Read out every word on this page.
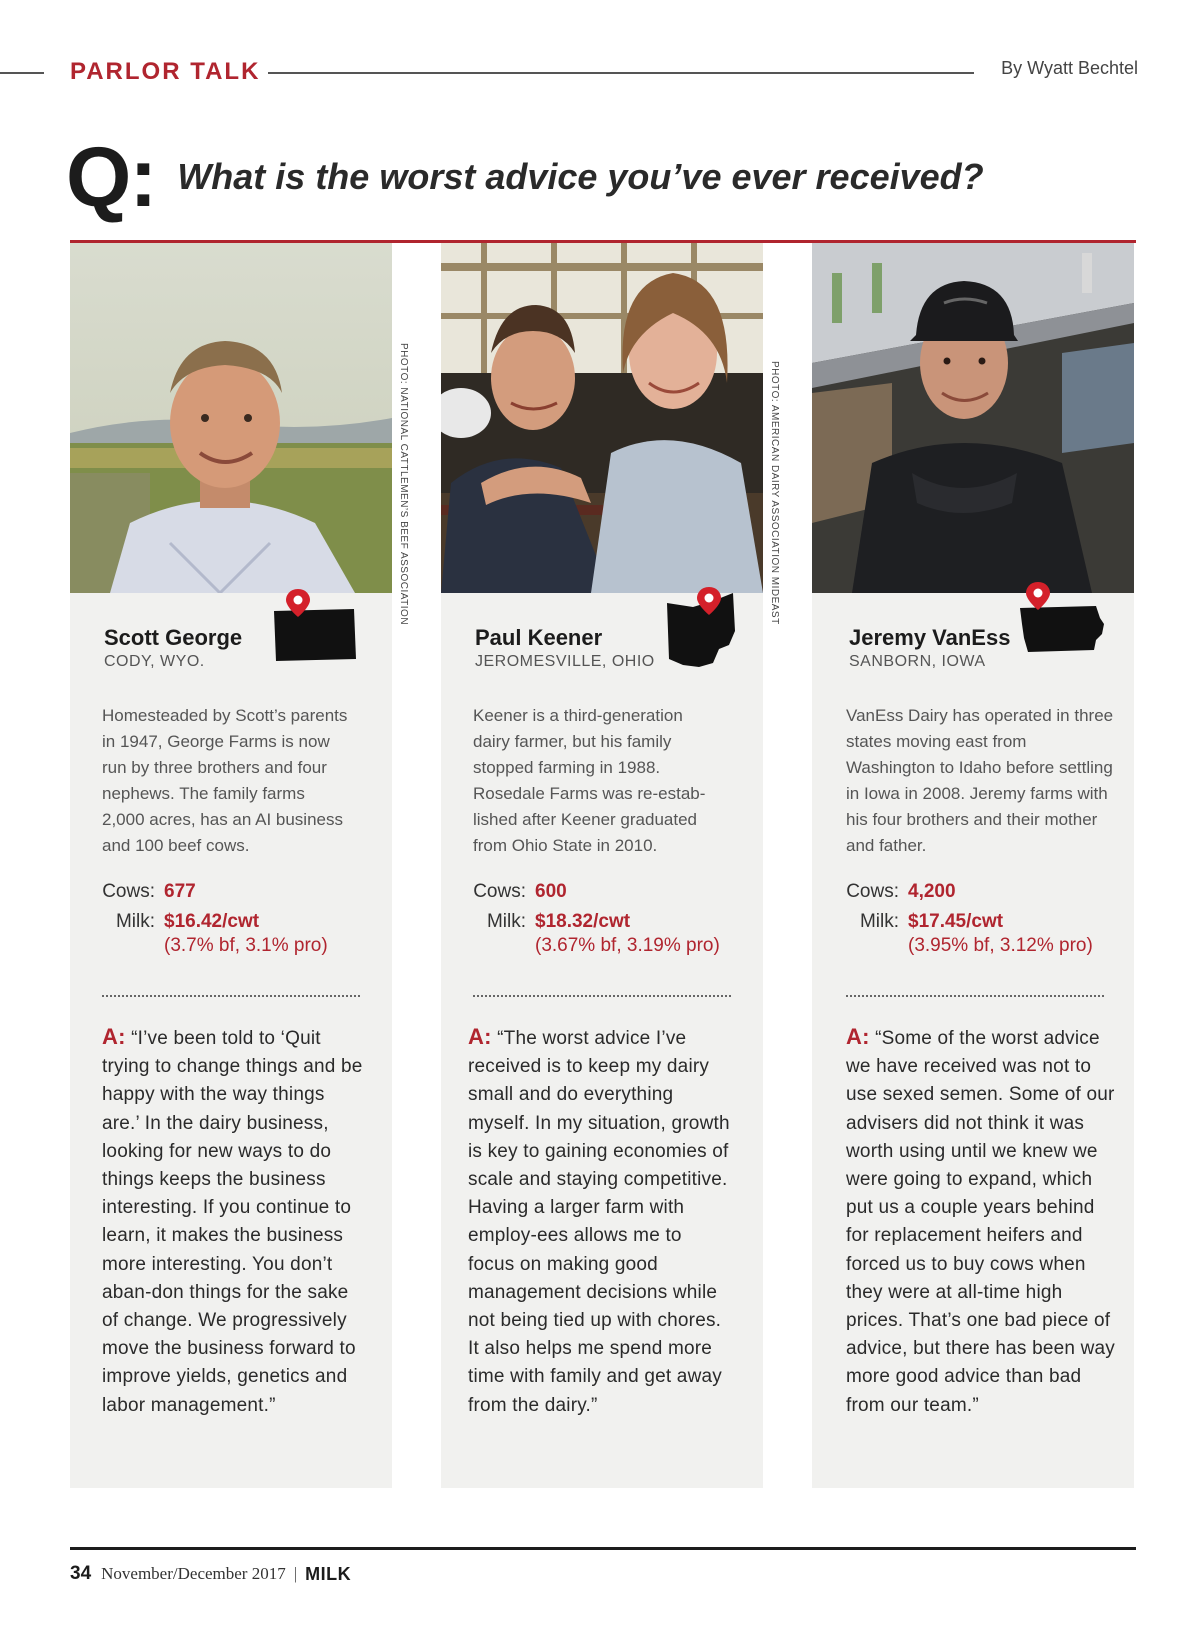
PARLOR TALK	By Wyatt Bechtel
Q: What is the worst advice you’ve ever received?
PHOTO: NATIONAL CATTLEMEN’S BEEF ASSOCIATION
Scott George
CODY, WYO.
Homesteaded by Scott’s parents in 1947, George Farms is now run by three brothers and four nephews. The family farms 2,000 acres, has an AI business and 100 beef cows.
Cows: 677
Milk: $16.42/cwt
(3.7% bf, 3.1% pro)
A: “I’ve been told to ‘Quit trying to change things and be happy with the way things are.’ In the dairy business, looking for new ways to do things keeps the business interesting. If you continue to learn, it makes the business more interesting. You don’t aban-don things for the sake of change. We progressively move the business forward to improve yields, genetics and labor management.”
PHOTO: AMERICAN DAIRY ASSOCIATION MIDEAST
Paul Keener
JEROMESVILLE, OHIO
Keener is a third-generation dairy farmer, but his family stopped farming in 1988. Rosedale Farms was re-estab-lished after Keener graduated from Ohio State in 2010.
Cows: 600
Milk: $18.32/cwt
(3.67% bf, 3.19% pro)
A: “The worst advice I’ve received is to keep my dairy small and do everything myself. In my situation, growth is key to gaining economies of scale and staying competitive. Having a larger farm with employ-ees allows me to focus on making good management decisions while not being tied up with chores. It also helps me spend more time with family and get away from the dairy.”
Jeremy VanEss
SANBORN, IOWA
VanEss Dairy has operated in three states moving east from Washington to Idaho before settling in Iowa in 2008. Jeremy farms with his four brothers and their mother and father.
Cows: 4,200
Milk: $17.45/cwt
(3.95% bf, 3.12% pro)
A: “Some of the worst advice we have received was not to use sexed semen. Some of our advisers did not think it was worth using until we knew we were going to expand, which put us a couple years behind for replacement heifers and forced us to buy cows when they were at all-time high prices. That’s one bad piece of advice, but there has been way more good advice than bad from our team.”
34 November/December 2017 | MILK
